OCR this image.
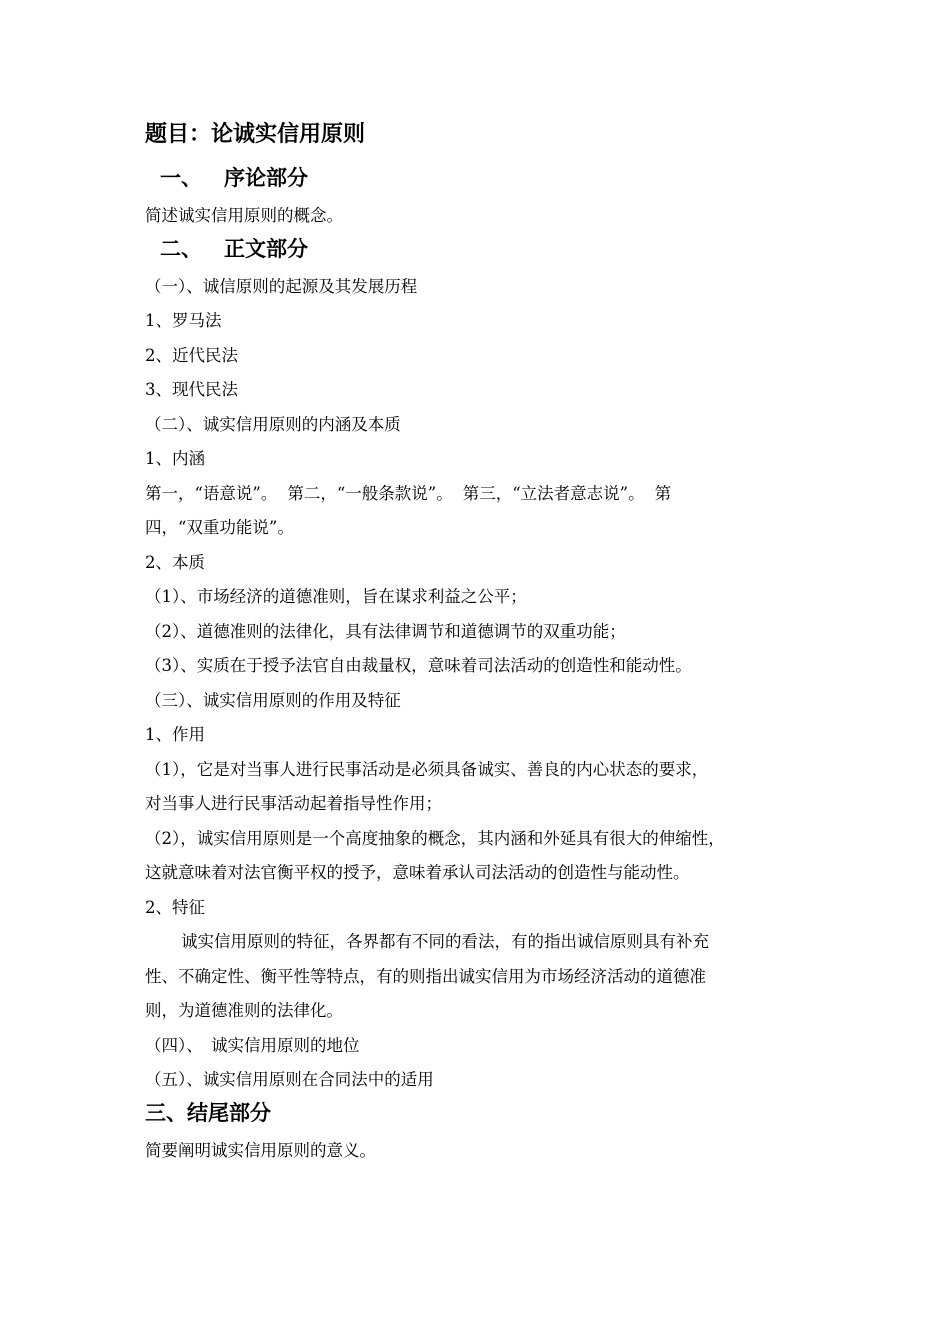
题目：论诚实信用原则
一、 序论部分
简述诚实信用原则的概念。
二、 正文部分
（一）、诚信原则的起源及其发展历程
1、罗马法
2、近代民法
3、现代民法
（二）、诚实信用原则的内涵及本质
1、内涵
第一，“语意说”。 第二，“一般条款说”。 第三，“立法者意志说”。 第
四，“双重功能说”。
2、本质
（1）、市场经济的道德准则，旨在谋求利益之公平；
（2）、道德准则的法律化，具有法律调节和道德调节的双重功能；
（3）、实质在于授予法官自由裁量权，意味着司法活动的创造性和能动性。
（三）、诚实信用原则的作用及特征
1、作用
（1），它是对当事人进行民事活动是必须具备诚实、善良的内心状态的要求，
对当事人进行民事活动起着指导性作用；
（2），诚实信用原则是一个高度抽象的概念，其内涵和外延具有很大的伸缩性，
这就意味着对法官衡平权的授予，意味着承认司法活动的创造性与能动性。
2、特征
诚实信用原则的特征，各界都有不同的看法，有的指出诚信原则具有补充
性、不确定性、衡平性等特点，有的则指出诚实信用为市场经济活动的道德准
则，为道德准则的法律化。
（四）、　诚实信用原则的地位
（五）、诚实信用原则在合同法中的适用
三、结尾部分
简要阐明诚实信用原则的意义。
